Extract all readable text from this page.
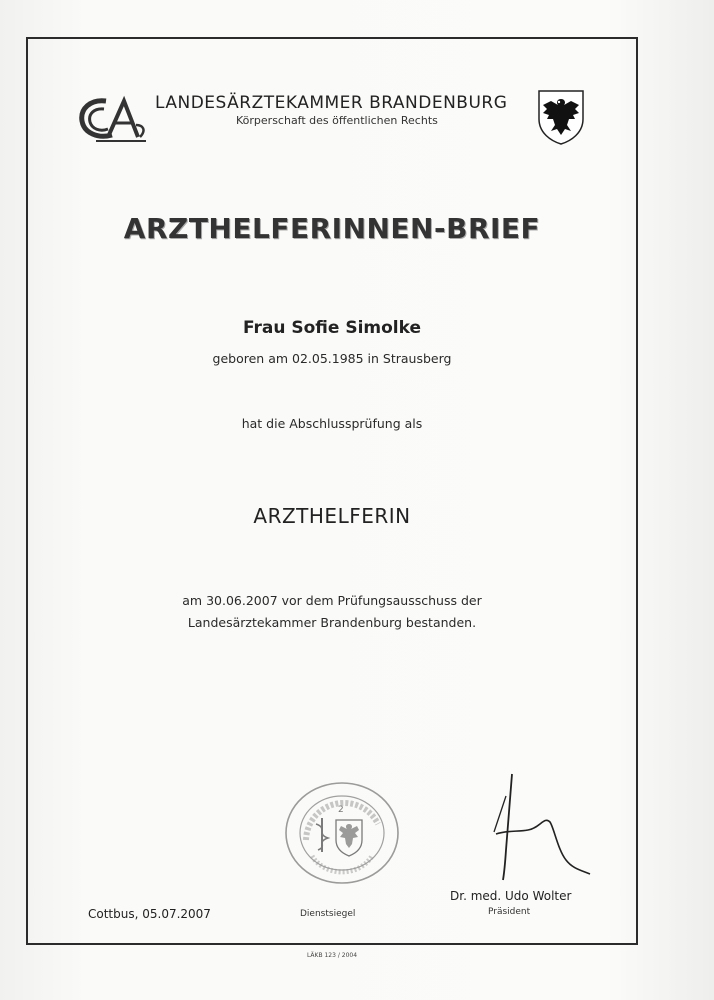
LANDESÄRZTEKAMMER BRANDENBURG
Körperschaft des öffentlichen Rechts
ARZTHELFERINNEN-BRIEF
Frau Sofie Simolke
geboren am 02.05.1985 in Strausberg
hat die Abschlussprüfung als
ARZTHELFERIN
am 30.06.2007 vor dem Prüfungsausschuss der
Landesärztekammer Brandenburg bestanden.
2
Cottbus, 05.07.2007	Dienstsiegel
Dr. med. Udo Wolter
Präsident
LÄKB 123 / 2004
